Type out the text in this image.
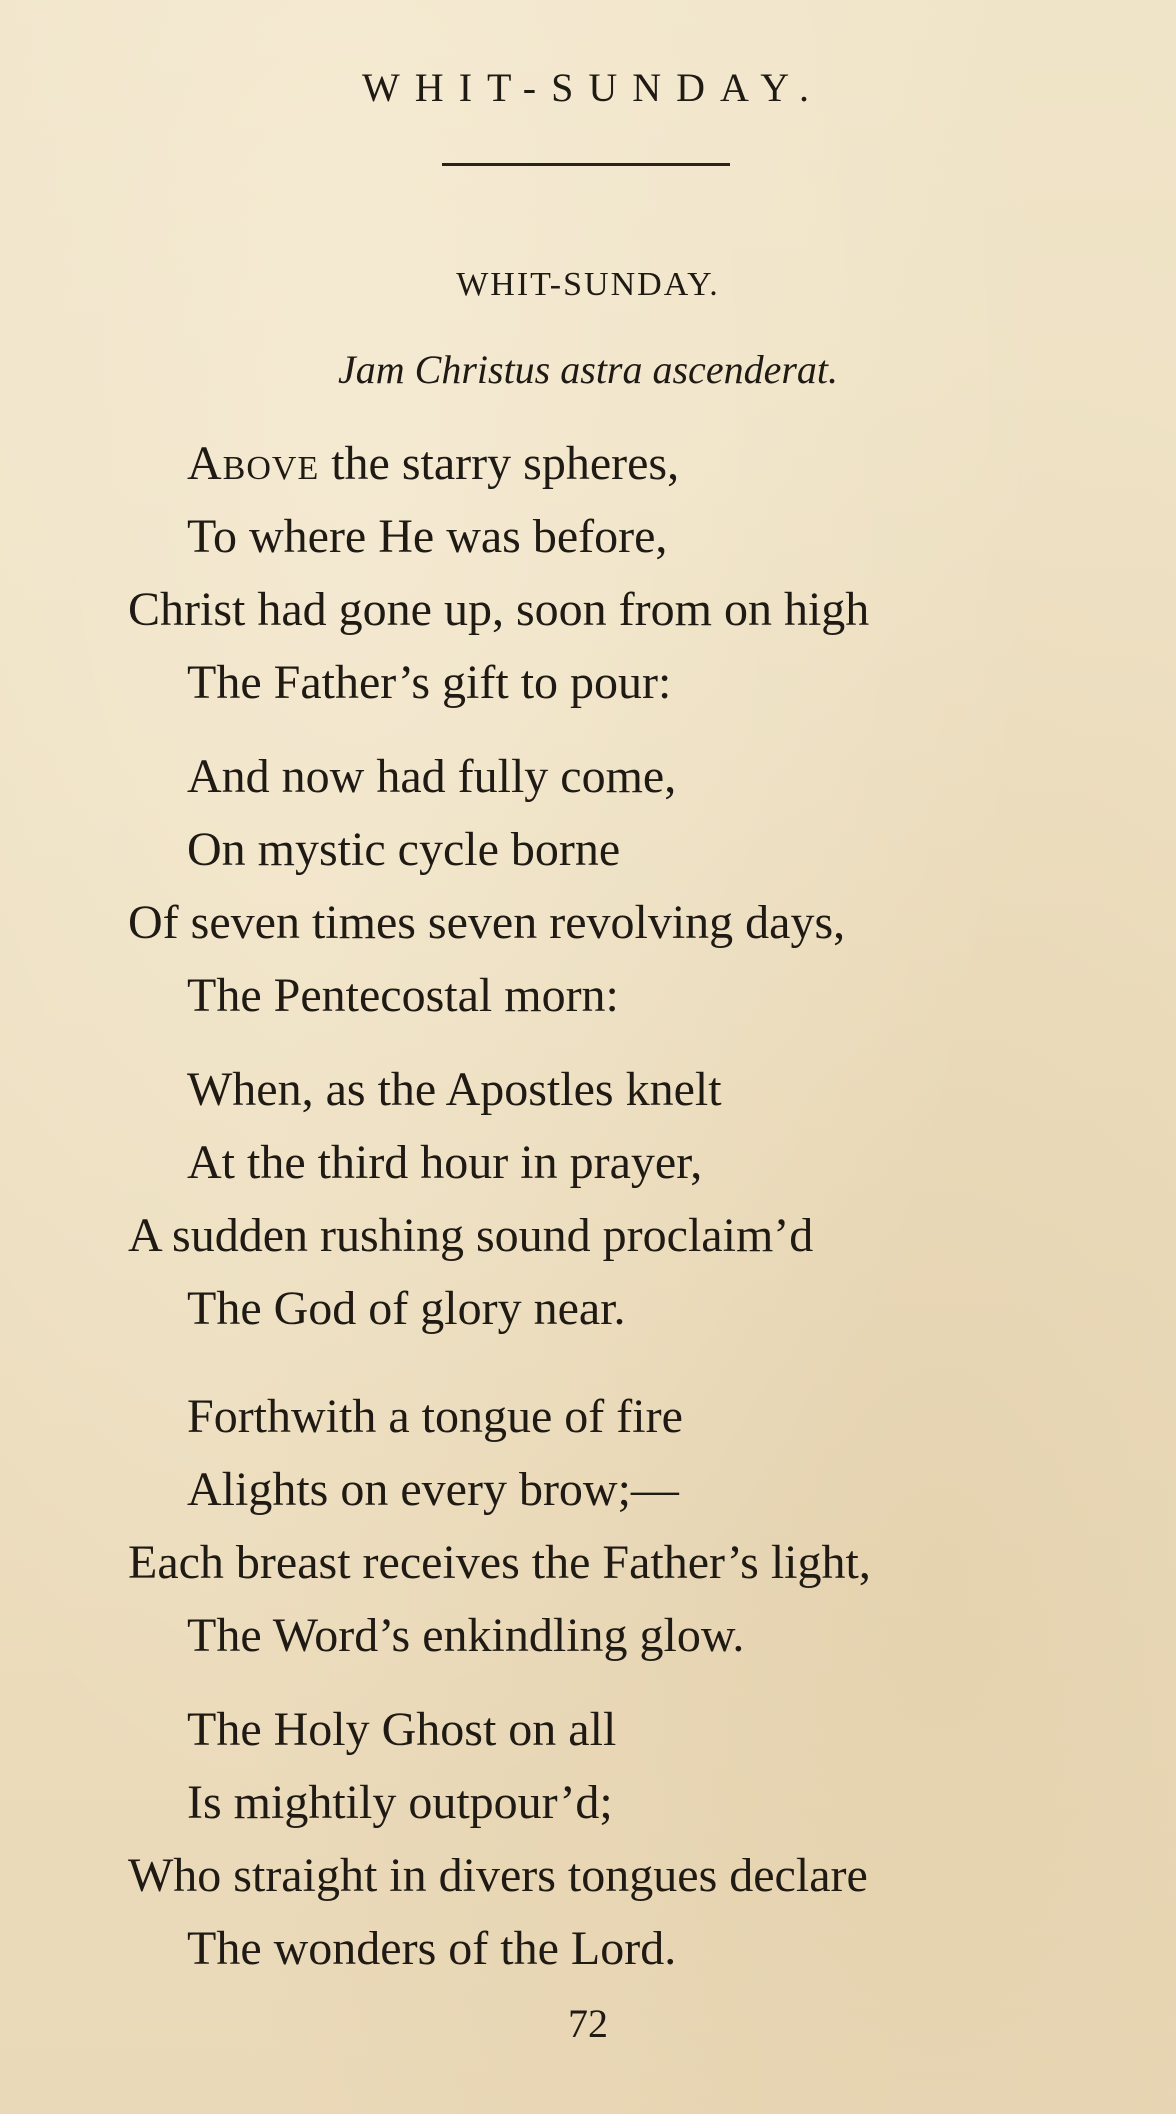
WHIT-SUNDAY.
WHIT-SUNDAY.
Jam Christus astra ascenderat.
Above the starry spheres,
To where He was before,
Christ had gone up, soon from on high
The Father’s gift to pour:
And now had fully come,
On mystic cycle borne
Of seven times seven revolving days,
The Pentecostal morn:
When, as the Apostles knelt
At the third hour in prayer,
A sudden rushing sound proclaim’d
The God of glory near.
Forthwith a tongue of fire
Alights on every brow;—
Each breast receives the Father’s light,
The Word’s enkindling glow.
The Holy Ghost on all
Is mightily outpour’d;
Who straight in divers tongues declare
The wonders of the Lord.
72
